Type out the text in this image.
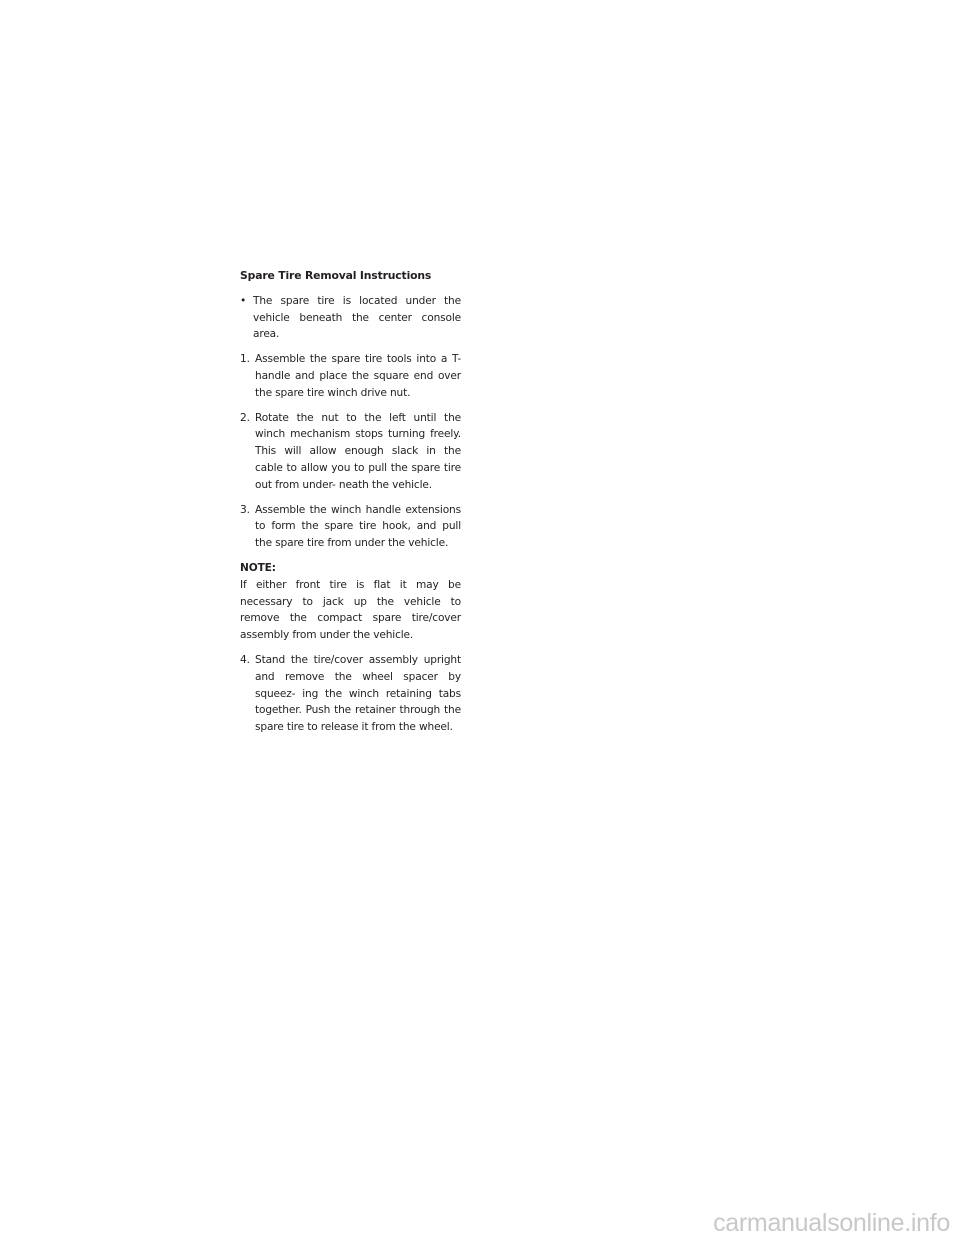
Spare Tire Removal Instructions

• The spare tire is located under the vehicle beneath the center console area.

1. Assemble the spare tire tools into a T-handle and place the square end over the spare tire winch drive nut.

2. Rotate the nut to the left until the winch mechanism stops turning freely. This will allow enough slack in the cable to allow you to pull the spare tire out from under- neath the vehicle.

3. Assemble the winch handle extensions to form the spare tire hook, and pull the spare tire from under the vehicle.

NOTE:

If either front tire is flat it may be necessary to jack up the vehicle to remove the compact spare tire/cover assembly from under the vehicle.

4. Stand the tire/cover assembly upright and remove the wheel spacer by squeez- ing the winch retaining tabs together. Push the retainer through the spare tire to release it from the wheel.

carmanualsonline.info
